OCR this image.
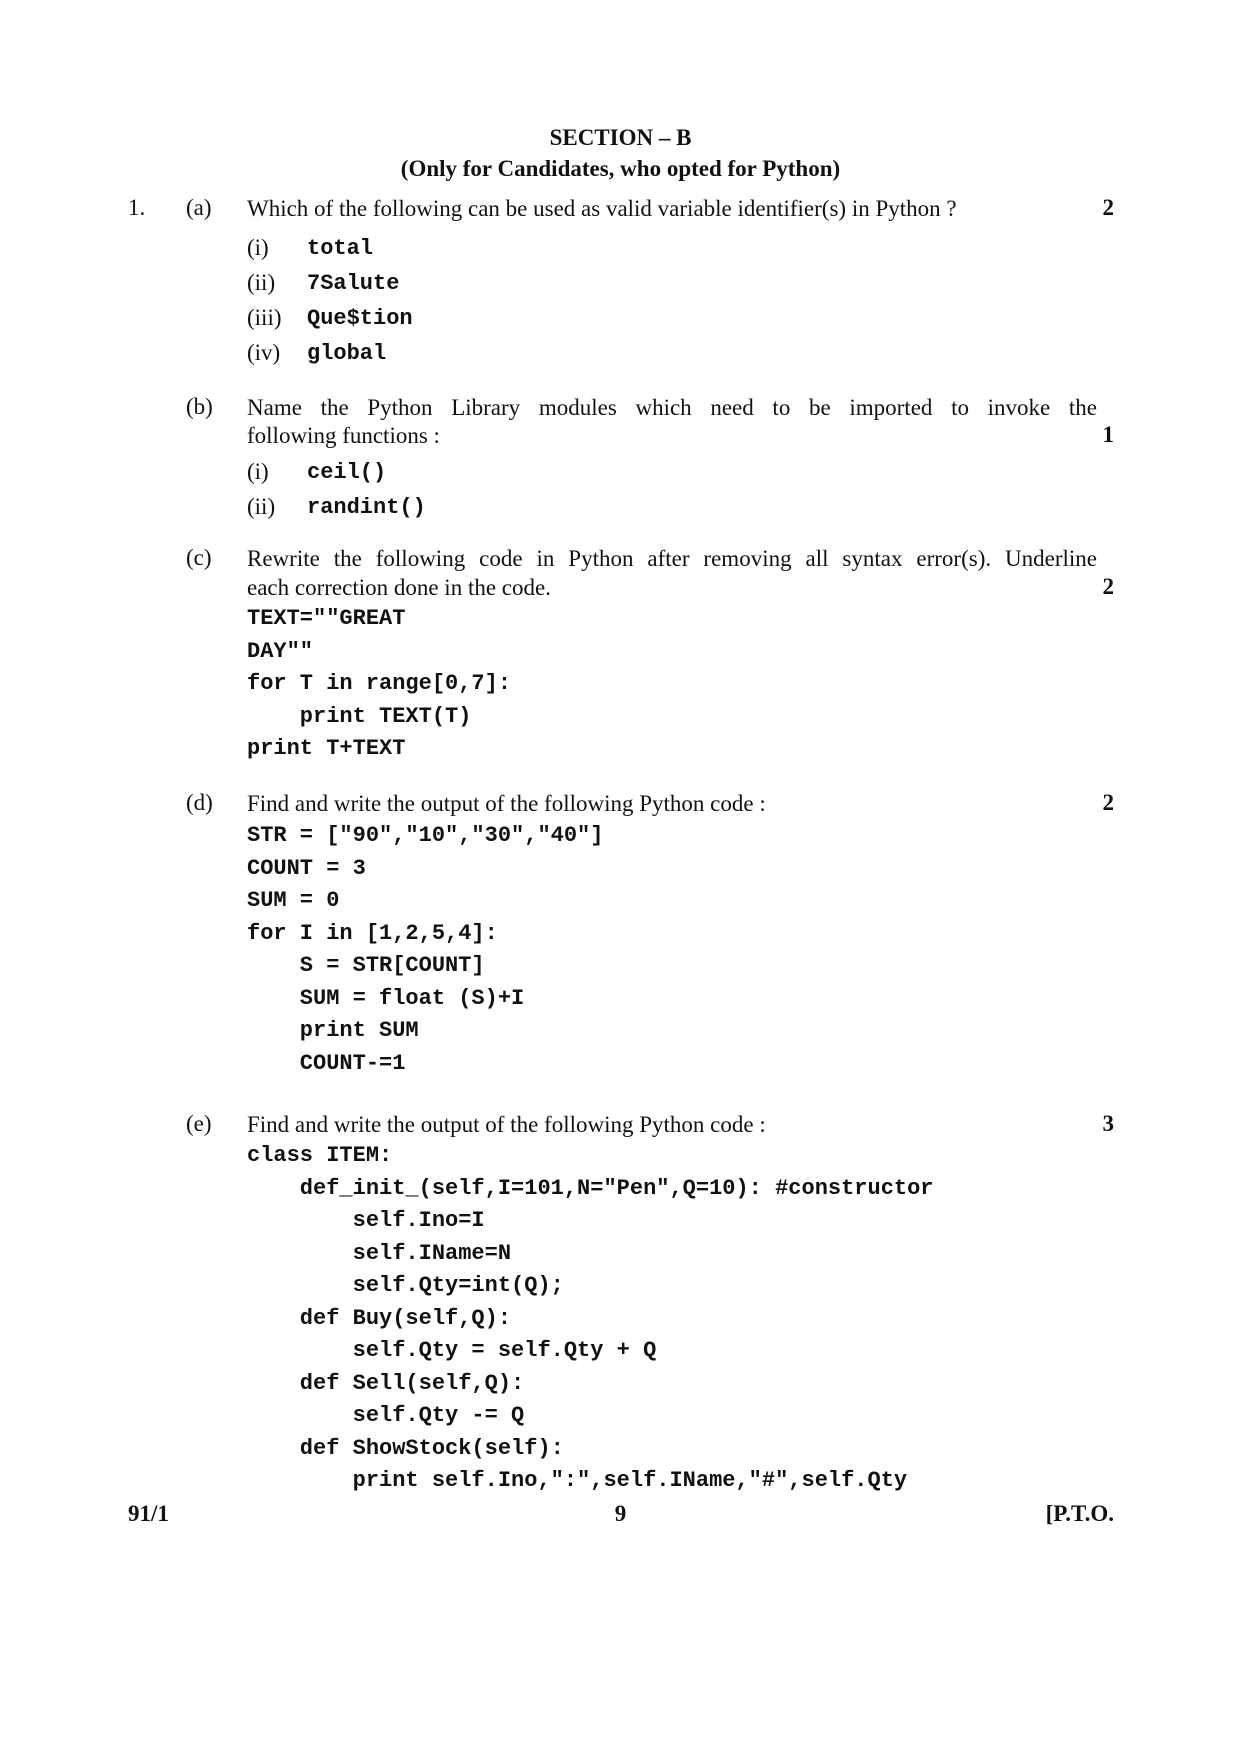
SECTION – B
(Only for Candidates, who opted for Python)
1. (a) Which of the following can be used as valid variable identifier(s) in Python ?	2
(i)	total
(ii)	7Salute
(iii)	Que$tion
(iv)	global
(b) Name the Python Library modules which need to be imported to invoke the
following functions :	1
(i)	ceil()
(ii)	randint()
(c) Rewrite the following code in Python after removing all syntax error(s). Underline
each correction done in the code.	2
TEXT=""GREAT
DAY""
for T in range[0,7]:
print TEXT(T)
print T+TEXT
(d) Find and write the output of the following Python code :	2
STR = ["90","10","30","40"]
COUNT = 3
SUM = 0
for I in [1,2,5,4]:
S = STR[COUNT]
SUM = float (S)+I
print SUM
COUNT-=1
(e) Find and write the output of the following Python code :	3
class ITEM:
def_init_(self,I=101,N="Pen",Q=10): #constructor
self.Ino=I
self.IName=N
self.Qty=int(Q);
def Buy(self,Q):
self.Qty = self.Qty + Q
def Sell(self,Q):
self.Qty -= Q
def ShowStock(self):
print self.Ino,":",self.IName,"#",self.Qty
91/1	9	[P.T.O.
